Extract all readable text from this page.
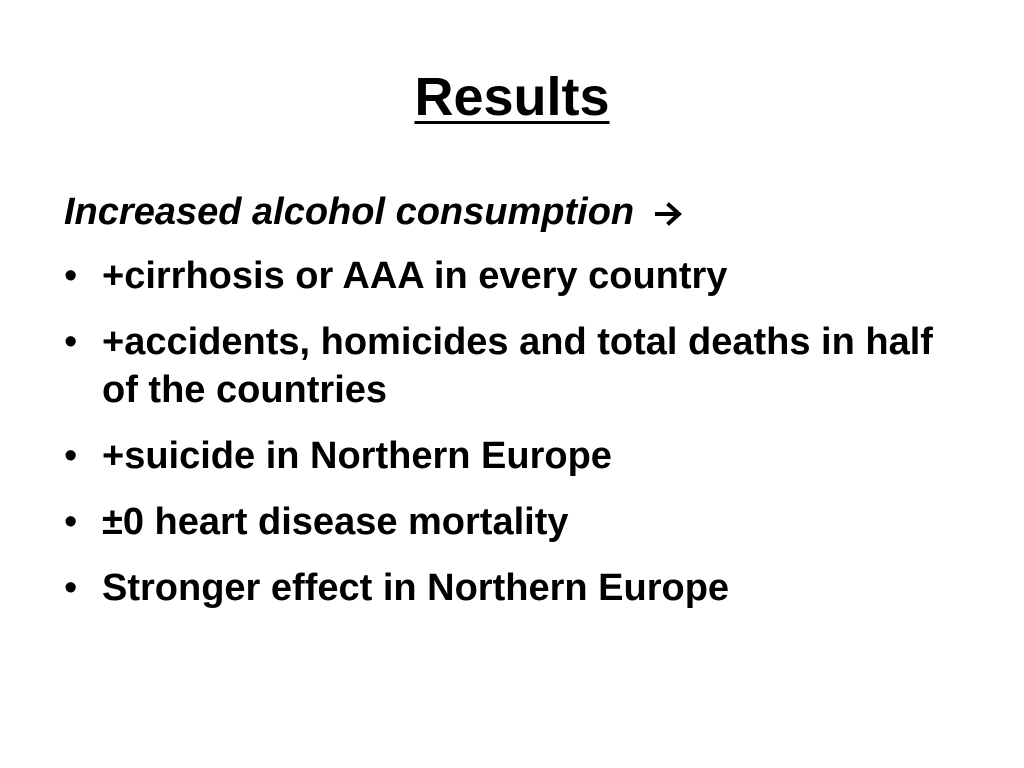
Results
Increased alcohol consumption
• +cirrhosis or AAA in every country
• +accidents, homicides and total deaths in half of the countries
• +suicide in Northern Europe
• ±0 heart disease mortality
• Stronger effect in Northern Europe
